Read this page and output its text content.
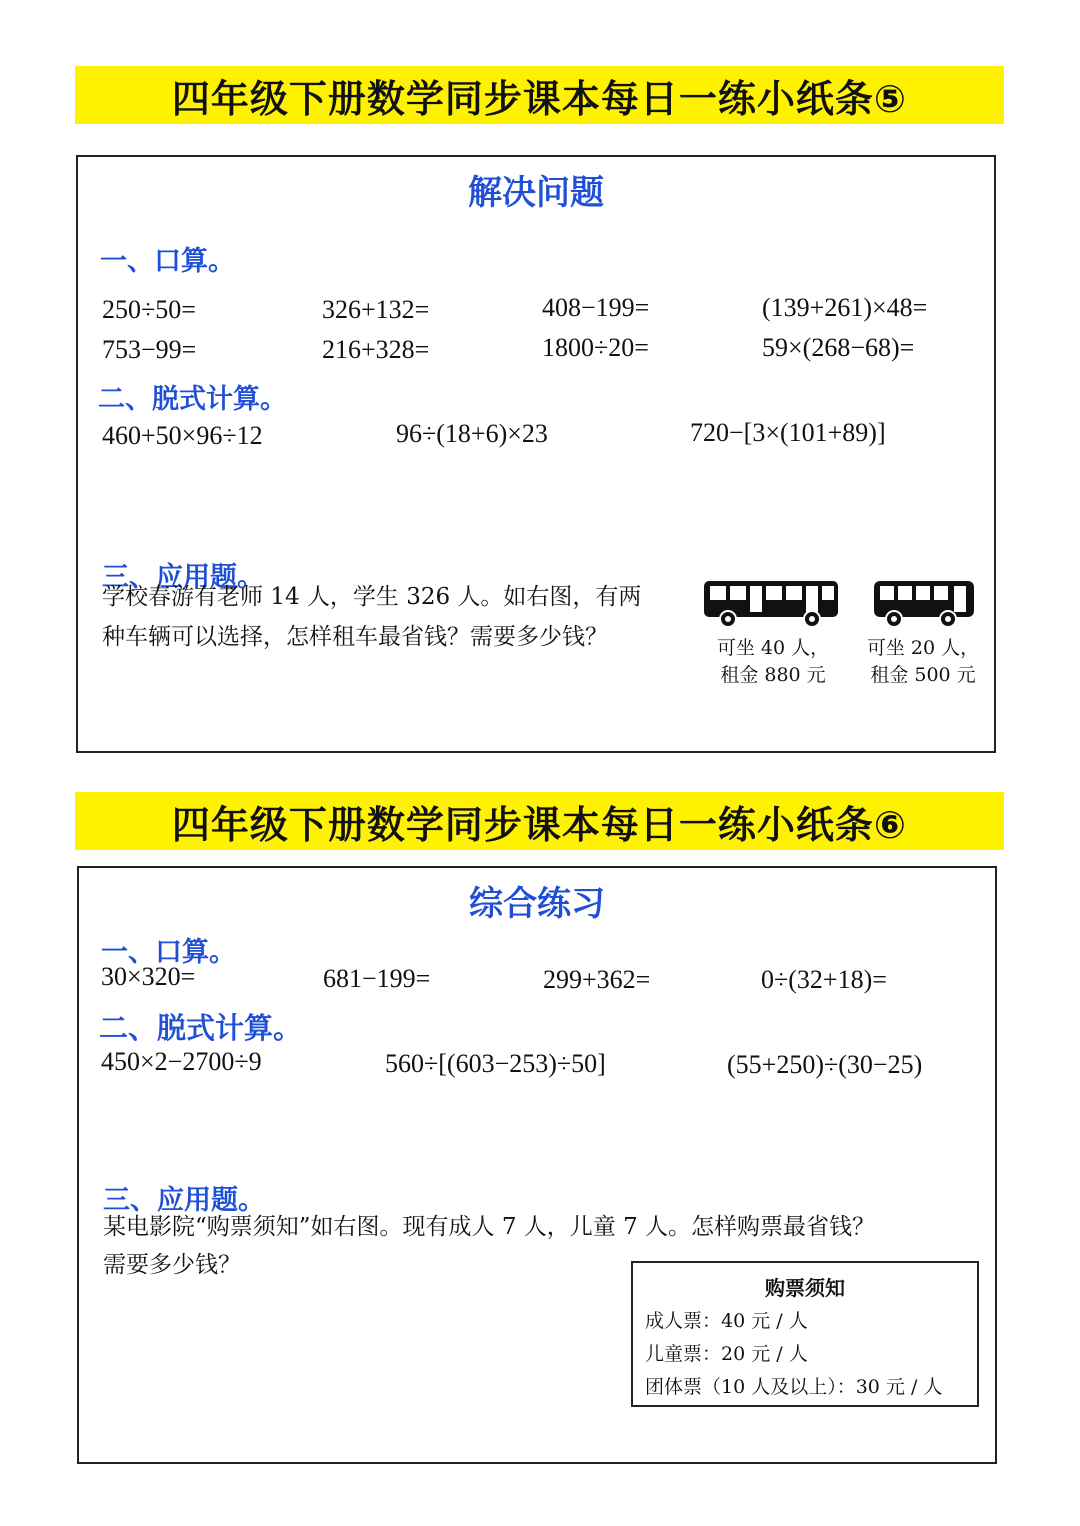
四年级下册数学同步课本每日一练小纸条⑤
解决问题
一、口算。
250÷50=	326+132=	408−199=	(139+261)×48=
753−99=	216+328=	1800÷20=	59×(268−68)=
二、脱式计算。
460+50×96÷12	96÷(18+6)×23	720−[3×(101+89)]
三、应用题。
学校春游有老师 14 人，学生 326 人。如右图，有两
种车辆可以选择，怎样租车最省钱？需要多少钱？	可坐 40 人，
租金 880 元
可坐 20 人，
租金 500 元
四年级下册数学同步课本每日一练小纸条⑥
综合练习
一、口算。
30×320=	681−199=	299+362=	0÷(32+18)=
二、脱式计算。
450×2−2700÷9	560÷[(603−253)÷50]	(55+250)÷(30−25)
三、应用题。
某电影院“购票须知”如右图。现有成人 7 人，儿童 7 人。怎样购票最省钱？
需要多少钱？
购票须知
成人票：40 元 / 人
儿童票：20 元 / 人
团体票（10 人及以上）：30 元 / 人
